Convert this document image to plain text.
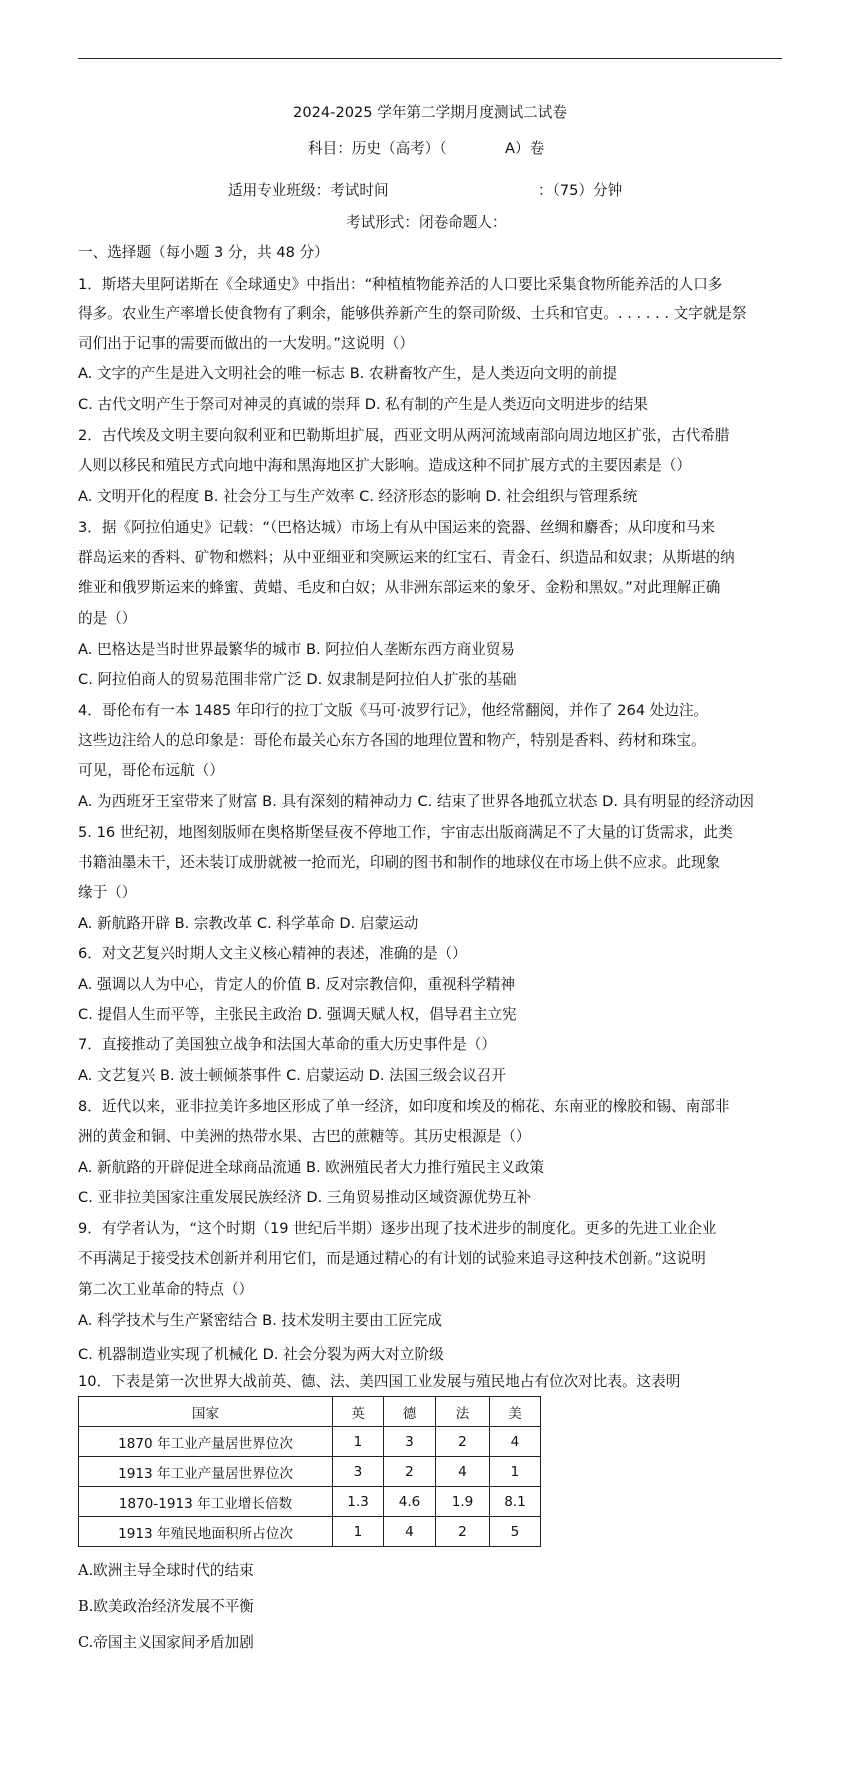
2024-2025 学年第二学期月度测试二试卷
科目：历史（高考）（	A）卷
适用专业班级：考试时间	：（75）分钟
考试形式：闭卷命题人：
一、选择题（每小题 3 分，共 48 分）
1．斯塔夫里阿诺斯在《全球通史》中指出：“种植植物能养活的人口要比采集食物所能养活的人口多
得多。农业生产率增长使食物有了剩余，能够供养新产生的祭司阶级、士兵和官吏。. . . . . . 文字就是祭
司们出于记事的需要而做出的一大发明。”这说明（）
A. 文字的产生是进入文明社会的唯一标志 B. 农耕畜牧产生，是人类迈向文明的前提
C. 古代文明产生于祭司对神灵的真诚的崇拜 D. 私有制的产生是人类迈向文明进步的结果
2．古代埃及文明主要向叙利亚和巴勒斯坦扩展，西亚文明从两河流域南部向周边地区扩张，古代希腊
人则以移民和殖民方式向地中海和黑海地区扩大影响。造成这种不同扩展方式的主要因素是（）
A. 文明开化的程度 B. 社会分工与生产效率 C. 经济形态的影响 D. 社会组织与管理系统
3．据《阿拉伯通史》记载：“（巴格达城）市场上有从中国运来的瓷器、丝绸和麝香；从印度和马来
群岛运来的香料、矿物和燃料；从中亚细亚和突厥运来的红宝石、青金石、织造品和奴隶；从斯堪的纳
维亚和俄罗斯运来的蜂蜜、黄蜡、毛皮和白奴；从非洲东部运来的象牙、金粉和黑奴。”对此理解正确
的是（）
A. 巴格达是当时世界最繁华的城市 B. 阿拉伯人垄断东西方商业贸易
C. 阿拉伯商人的贸易范围非常广泛 D. 奴隶制是阿拉伯人扩张的基础
4．哥伦布有一本 1485 年印行的拉丁文版《马可·波罗行记》，他经常翻阅，并作了 264 处边注。
这些边注给人的总印象是：哥伦布最关心东方各国的地理位置和物产，特别是香料、药材和珠宝。
可见，哥伦布远航（）
A. 为西班牙王室带来了财富 B. 具有深刻的精神动力 C. 结束了世界各地孤立状态 D. 具有明显的经济动因
5. 16 世纪初，地图刻版师在奥格斯堡昼夜不停地工作，宇宙志出版商满足不了大量的订货需求，此类
书籍油墨未干，还未装订成册就被一抢而光，印刷的图书和制作的地球仪在市场上供不应求。此现象
缘于（）
A. 新航路开辟 B. 宗教改革 C. 科学革命 D. 启蒙运动
6．对文艺复兴时期人文主义核心精神的表述，准确的是（）
A. 强调以人为中心，肯定人的价值 B. 反对宗教信仰，重视科学精神
C. 提倡人生而平等，主张民主政治 D. 强调天赋人权，倡导君主立宪
7．直接推动了美国独立战争和法国大革命的重大历史事件是（）
A. 文艺复兴 B. 波士顿倾茶事件 C. 启蒙运动 D. 法国三级会议召开
8．近代以来，亚非拉美许多地区形成了单一经济，如印度和埃及的棉花、东南亚的橡胶和锡、南部非
洲的黄金和铜、中美洲的热带水果、古巴的蔗糖等。其历史根源是（）
A. 新航路的开辟促进全球商品流通 B. 欧洲殖民者大力推行殖民主义政策
C. 亚非拉美国家注重发展民族经济 D. 三角贸易推动区域资源优势互补
9．有学者认为，“这个时期（19 世纪后半期）逐步出现了技术进步的制度化。更多的先进工业企业
不再满足于接受技术创新并利用它们，而是通过精心的有计划的试验来追寻这种技术创新。”这说明
第二次工业革命的特点（）
A. 科学技术与生产紧密结合 B. 技术发明主要由工匠完成
C. 机器制造业实现了机械化 D. 社会分裂为两大对立阶级
10．下表是第一次世界大战前英、德、法、美四国工业发展与殖民地占有位次对比表。这表明
国家	英	德	法	美
1870 年工业产量居世界位次	1	3	2	4
1913 年工业产量居世界位次	3	2	4	1
1870-1913 年工业增长倍数	1.3	4.6	1.9	8.1
1913 年殖民地面积所占位次	1	4	2	5
A.欧洲主导全球时代的结束
B.欧美政治经济发展不平衡
C.帝国主义国家间矛盾加剧
